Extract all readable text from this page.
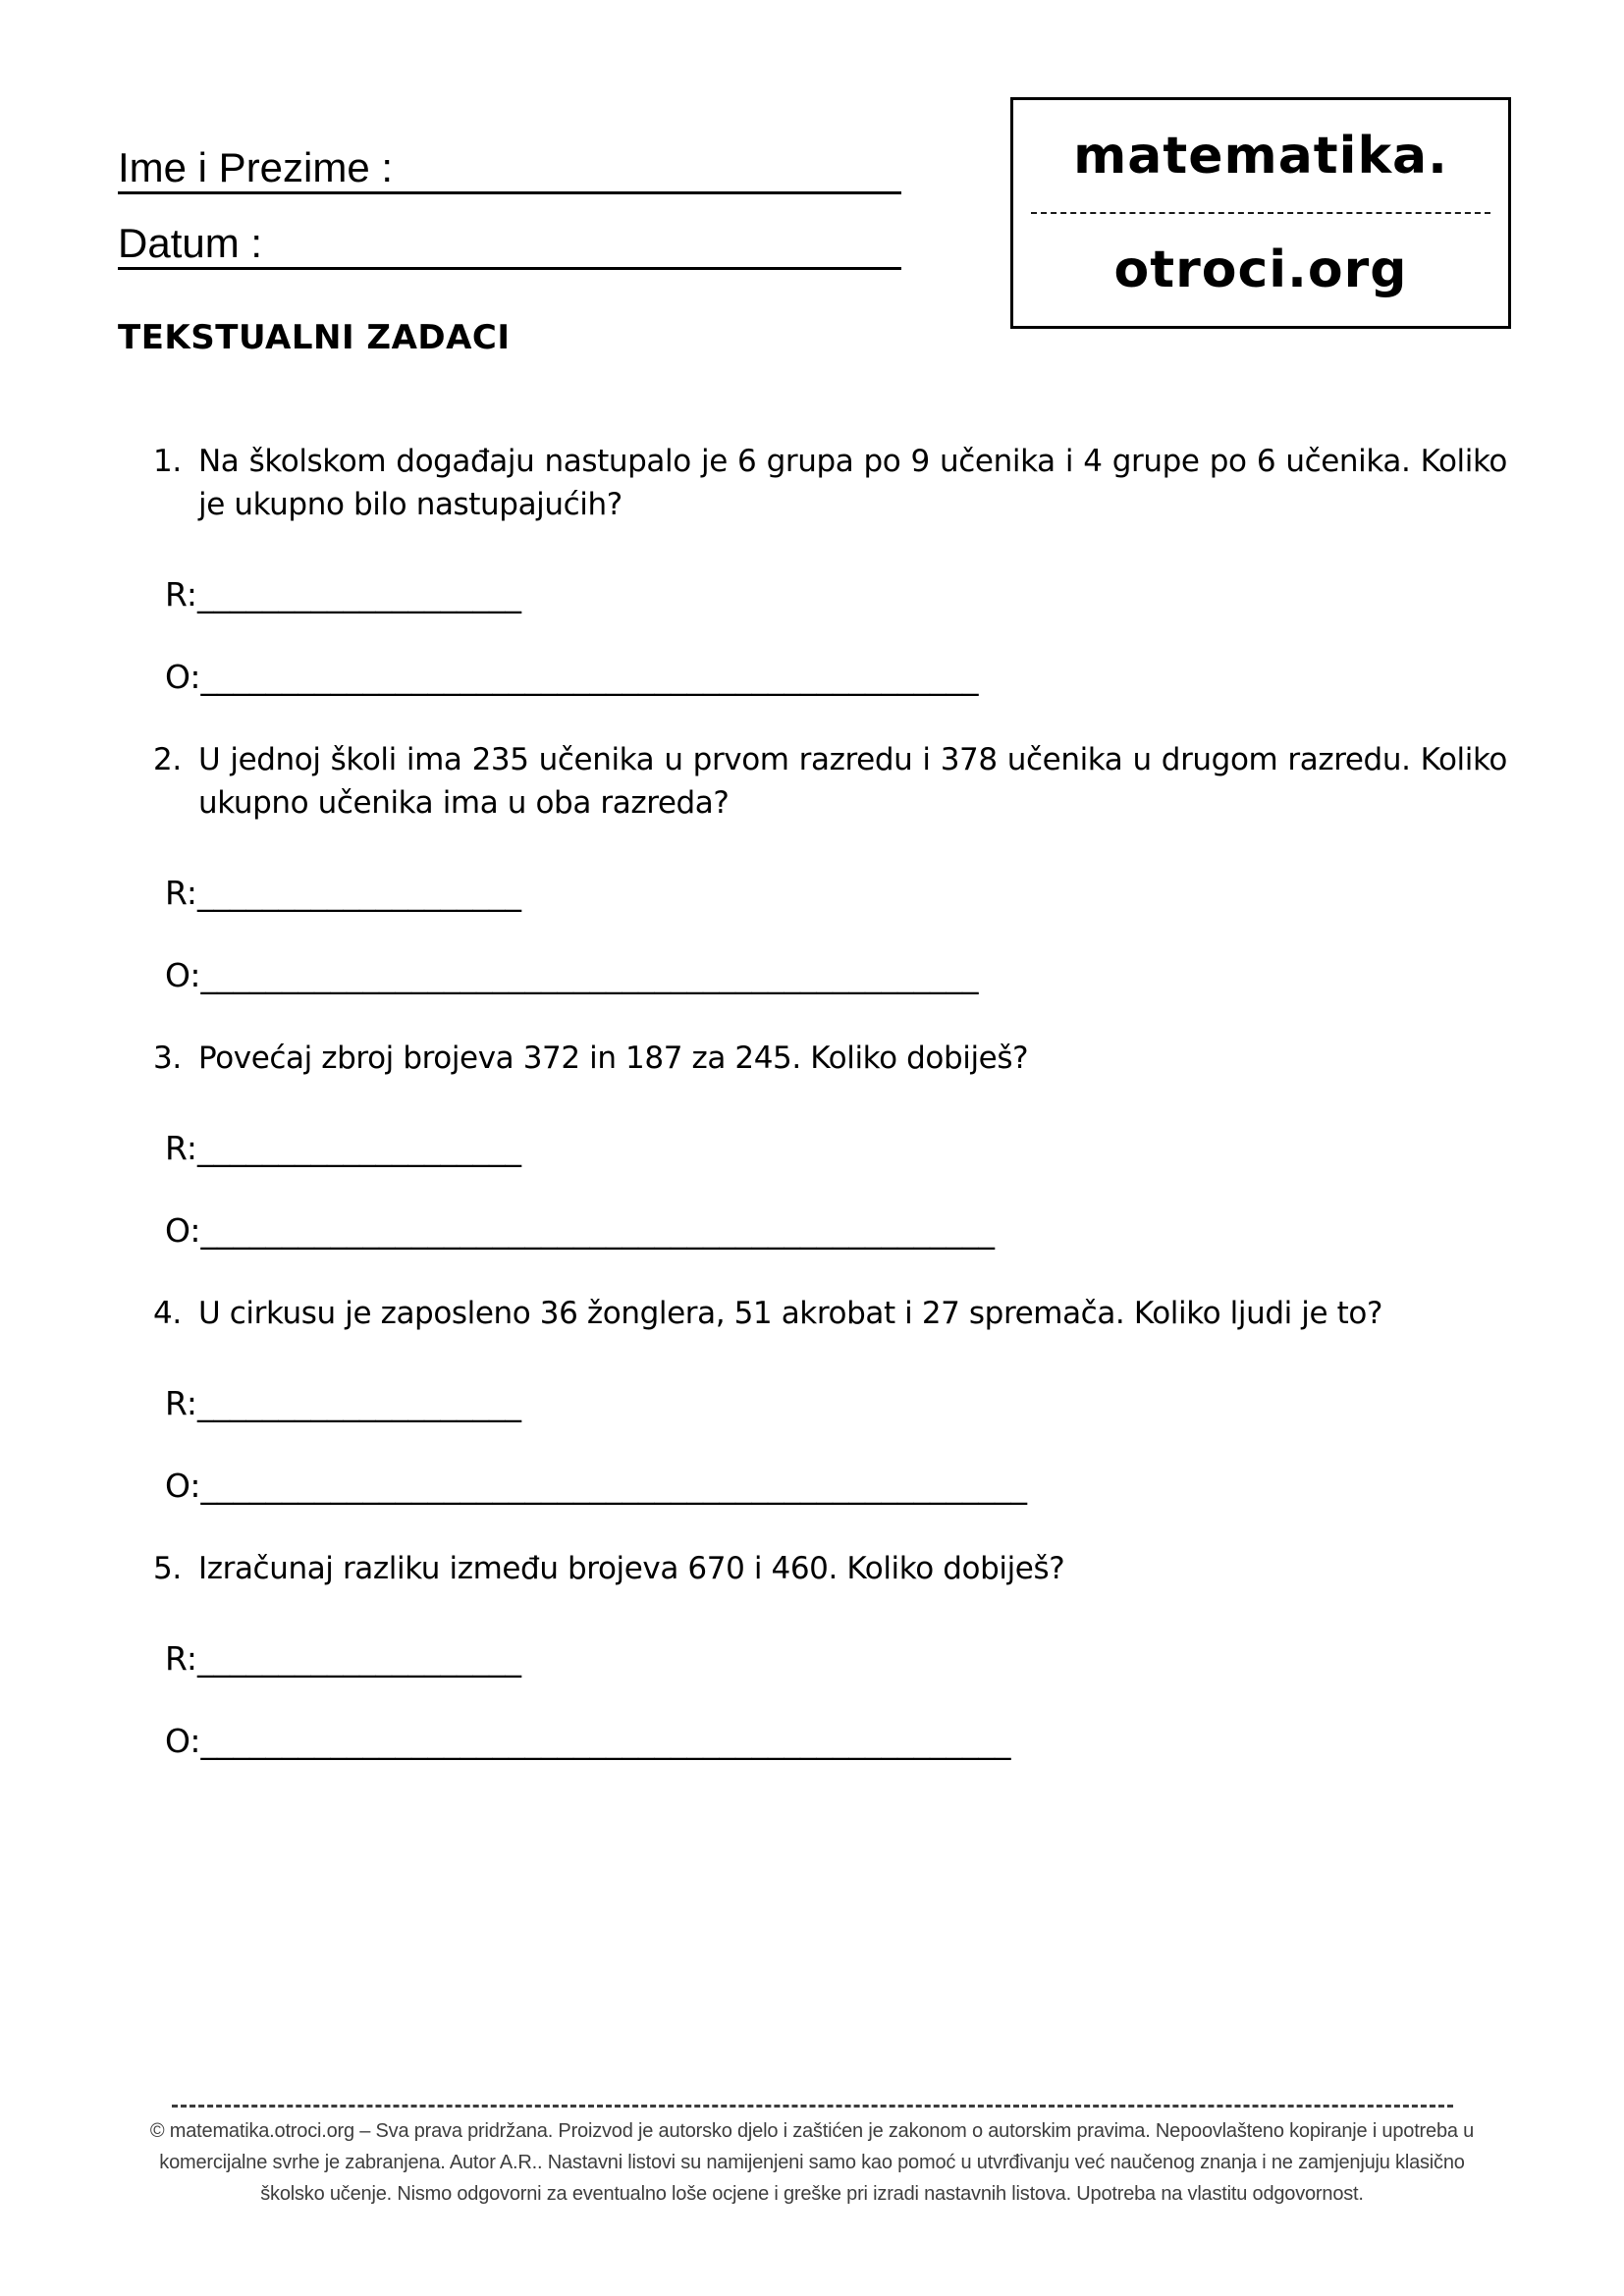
Ime i Prezime :
Datum :
matematika.
otroci.org
TEKSTUALNI ZADACI
1. Na školskom događaju nastupalo je 6 grupa po 9 učenika i 4 grupe po 6 učenika. Koliko je ukupno bilo nastupajućih?
R:____________________
O:________________________________________________
2. U jednoj školi ima 235 učenika u prvom razredu i 378 učenika u drugom razredu. Koliko ukupno učenika ima u oba razreda?
R:____________________
O:________________________________________________
3. Povećaj zbroj brojeva 372 in 187 za 245. Koliko dobiješ?
R:____________________
O:_________________________________________________
4. U cirkusu je zaposleno 36 žonglera, 51 akrobat i 27 spremača. Koliko ljudi je to?
R:____________________
O:___________________________________________________
5. Izračunaj razliku između brojeva 670 i 460. Koliko dobiješ?
R:____________________
O:__________________________________________________
© matematika.otroci.org – Sva prava pridržana. Proizvod je autorsko djelo i zaštićen je zakonom o autorskim pravima. Nepoovlašteno kopiranje i upotreba u
komercijalne svrhe je zabranjena. Autor A.R.. Nastavni listovi su namijenjeni samo kao pomoć u utvrđivanju već naučenog znanja i ne zamjenjuju klasično
školsko učenje. Nismo odgovorni za eventualno loše ocjene i greške pri izradi nastavnih listova. Upotreba na vlastitu odgovornost.
